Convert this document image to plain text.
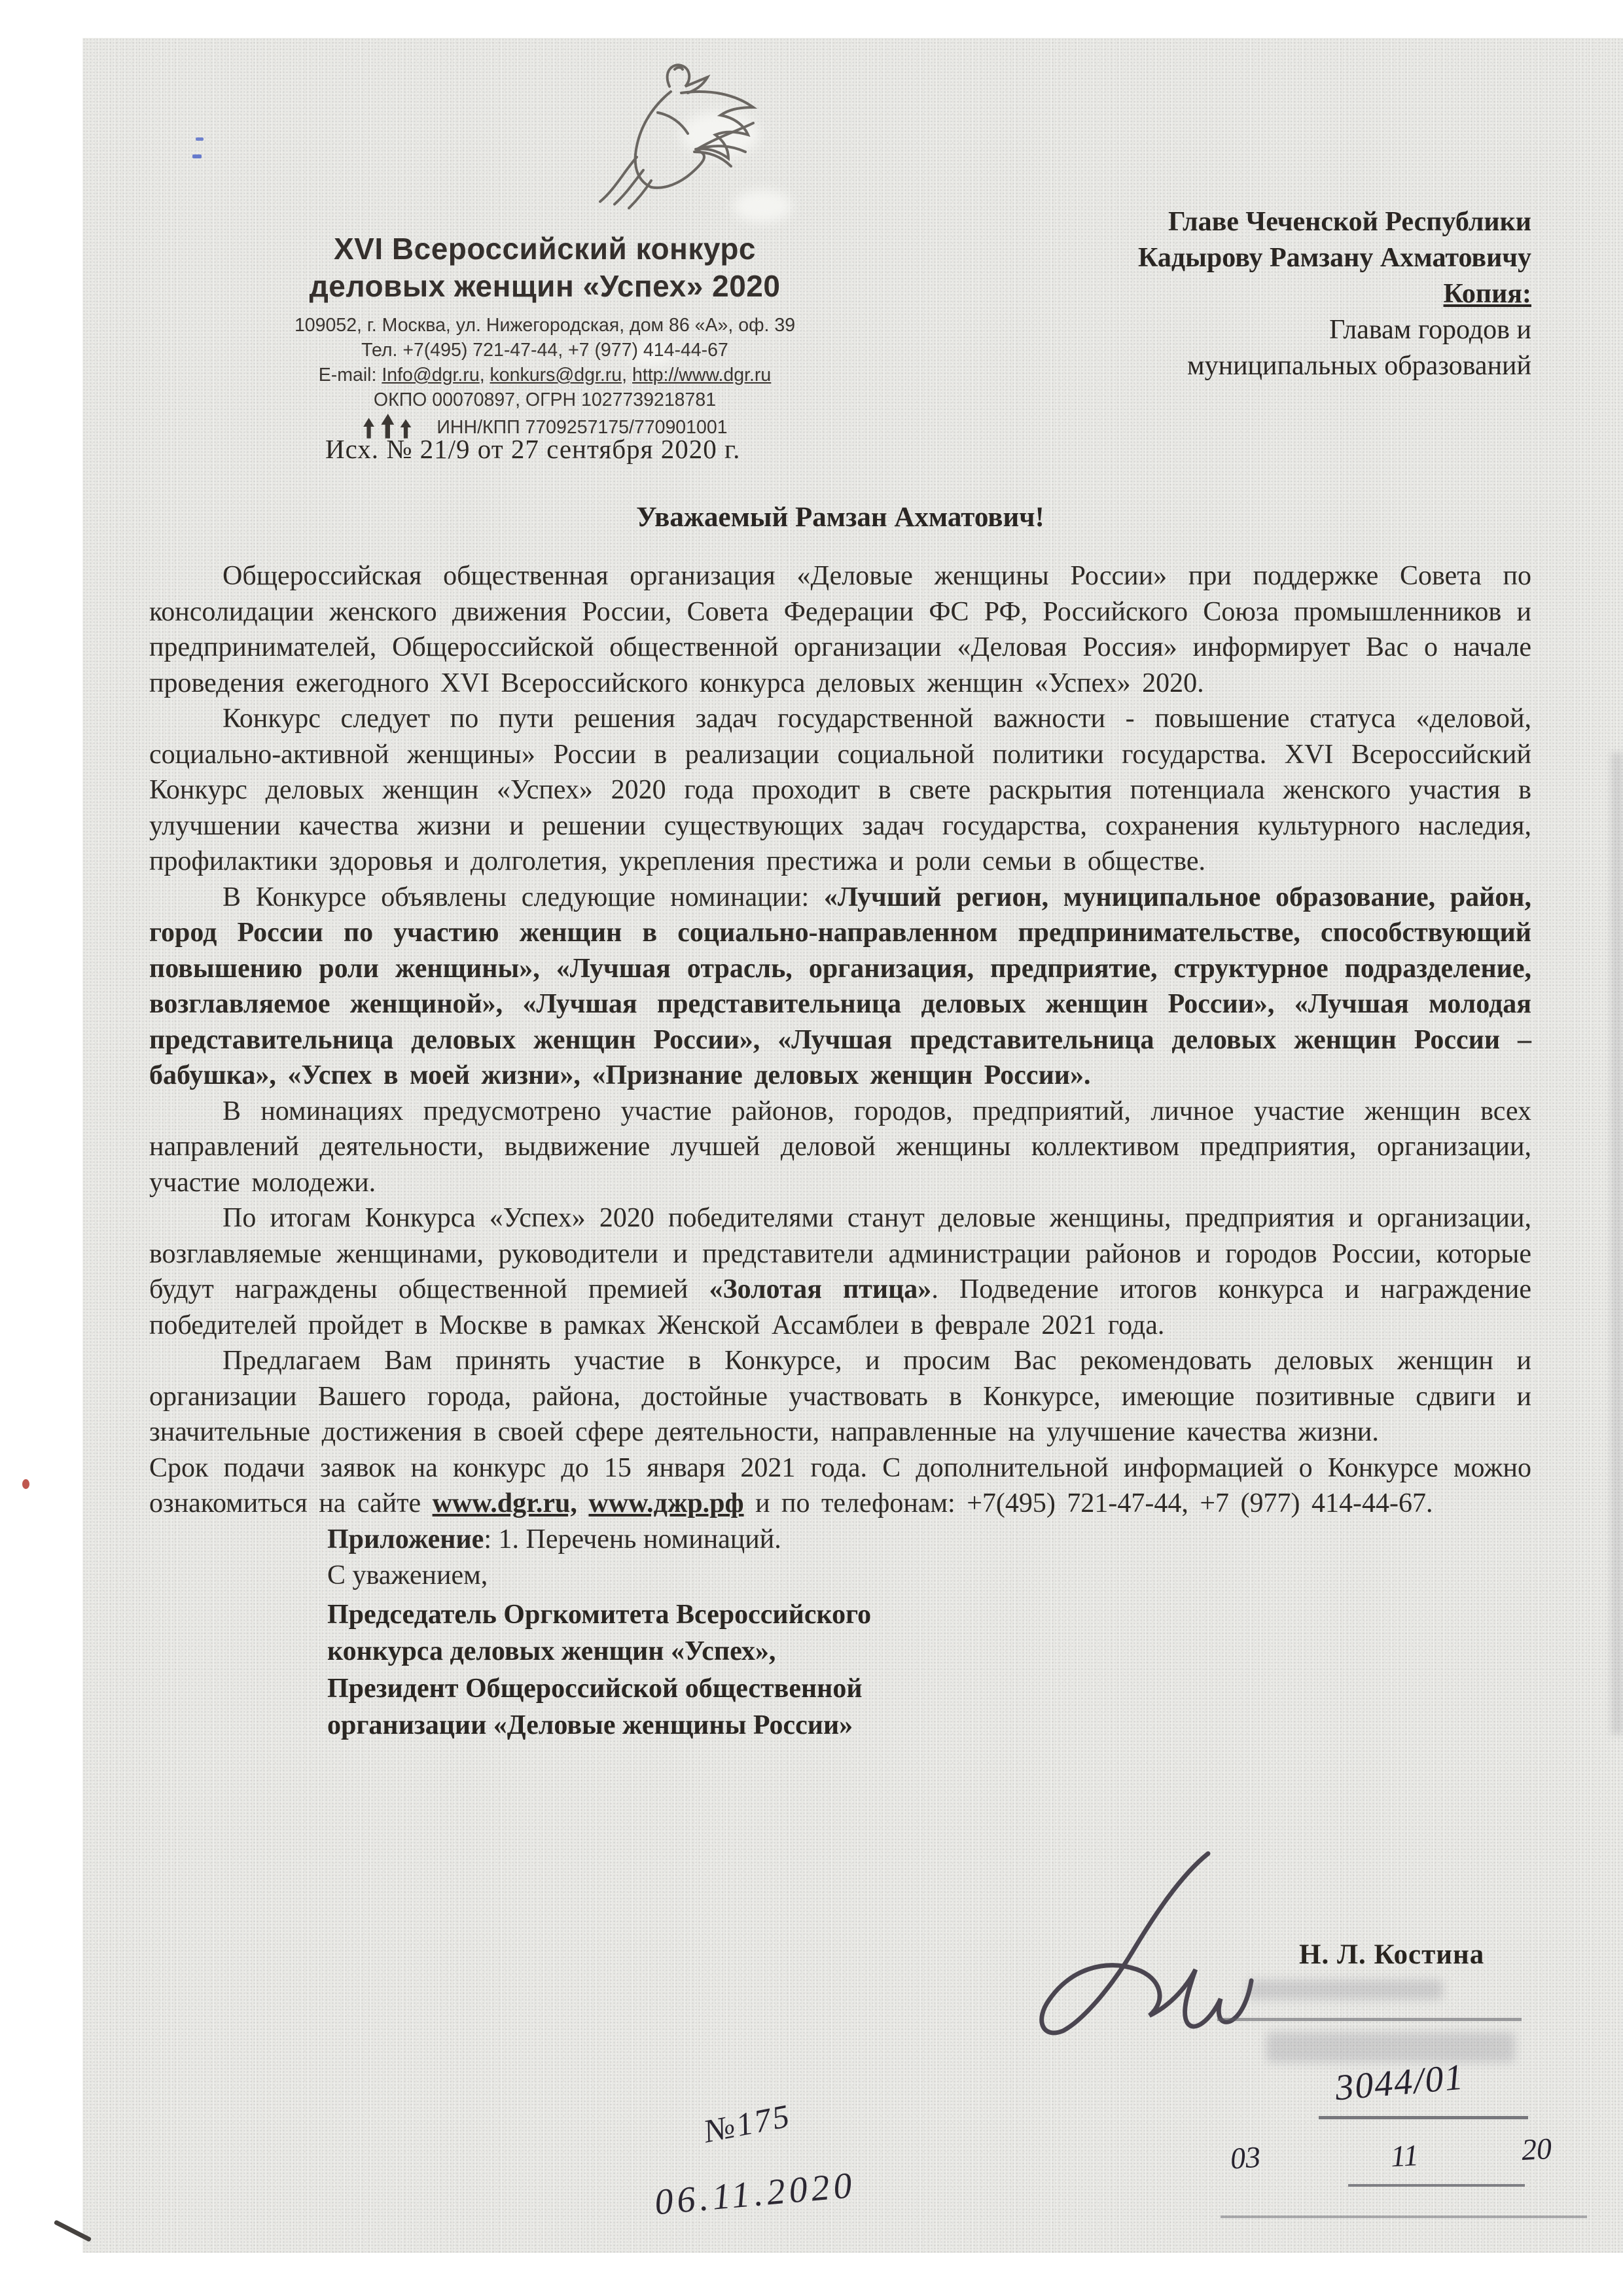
XVI Всероссийский конкурс
деловых женщин «Успех» 2020
109052, г. Москва, ул. Нижегородская, дом 86 «А», оф. 39
Тел. +7(495) 721-47-44, +7 (977) 414-44-67
E-mail: Info@dgr.ru, konkurs@dgr.ru, http://www.dgr.ru
ОКПО 00070897, ОГРН 1027739218781
ИНН/КПП 7709257175/770901001
Исх. № 21/9 от 27 сентября 2020 г.
Главе Чеченской Республики
Кадырову Рамзану Ахматовичу
Копия:
Главам городов и
муниципальных образований

Уважаемый Рамзан Ахматович!

Общероссийская общественная организация «Деловые женщины России» при поддержке Совета по консолидации женского движения России, Совета Федерации ФС РФ, Российского Союза промышленников и предпринимателей, Общероссийской общественной организации «Деловая Россия» информирует Вас о начале проведения ежегодного XVI Всероссийского конкурса деловых женщин «Успех» 2020.

Конкурс следует по пути решения задач государственной важности - повышение статуса «деловой, социально-активной женщины» России в реализации социальной политики государства. XVI Всероссийский Конкурс деловых женщин «Успех» 2020 года проходит в свете раскрытия потенциала женского участия в улучшении качества жизни и решении существующих задач государства, сохранения культурного наследия, профилактики здоровья и долголетия, укрепления престижа и роли семьи в обществе.

В Конкурсе объявлены следующие номинации: «Лучший регион, муниципальное образование, район, город России по участию женщин в социально-направленном предпринимательстве, способствующий повышению роли женщины», «Лучшая отрасль, организация, предприятие, структурное подразделение, возглавляемое женщиной», «Лучшая представительница деловых женщин России», «Лучшая молодая представительница деловых женщин России», «Лучшая представительница деловых женщин России – бабушка», «Успех в моей жизни», «Признание деловых женщин России».

В номинациях предусмотрено участие районов, городов, предприятий, личное участие женщин всех направлений деятельности, выдвижение лучшей деловой женщины коллективом предприятия, организации, участие молодежи.

По итогам Конкурса «Успех» 2020 победителями станут деловые женщины, предприятия и организации, возглавляемые женщинами, руководители и представители администрации районов и городов России, которые будут награждены общественной премией «Золотая птица». Подведение итогов конкурса и награждение победителей пройдет в Москве в рамках Женской Ассамблеи в феврале 2021 года.

Предлагаем Вам принять участие в Конкурсе, и просим Вас рекомендовать деловых женщин и организации Вашего города, района, достойные участвовать в Конкурсе, имеющие позитивные сдвиги и значительные достижения в своей сфере деятельности, направленные на улучшение качества жизни.

Срок подачи заявок на конкурс до 15 января 2021 года. С дополнительной информацией о Конкурсе можно ознакомиться на сайте www.dgr.ru, www.джр.рф и по телефонам: +7(495) 721-47-44, +7 (977) 414-44-67.

Приложение: 1. Перечень номинаций.

С уважением,

Председатель Оргкомитета Всероссийского
конкурса деловых женщин «Успех»,
Президент Общероссийской общественной
организации «Деловые женщины России»
Н. Л. Костина
3044/01
03	11	20
№175
06.11.2020
